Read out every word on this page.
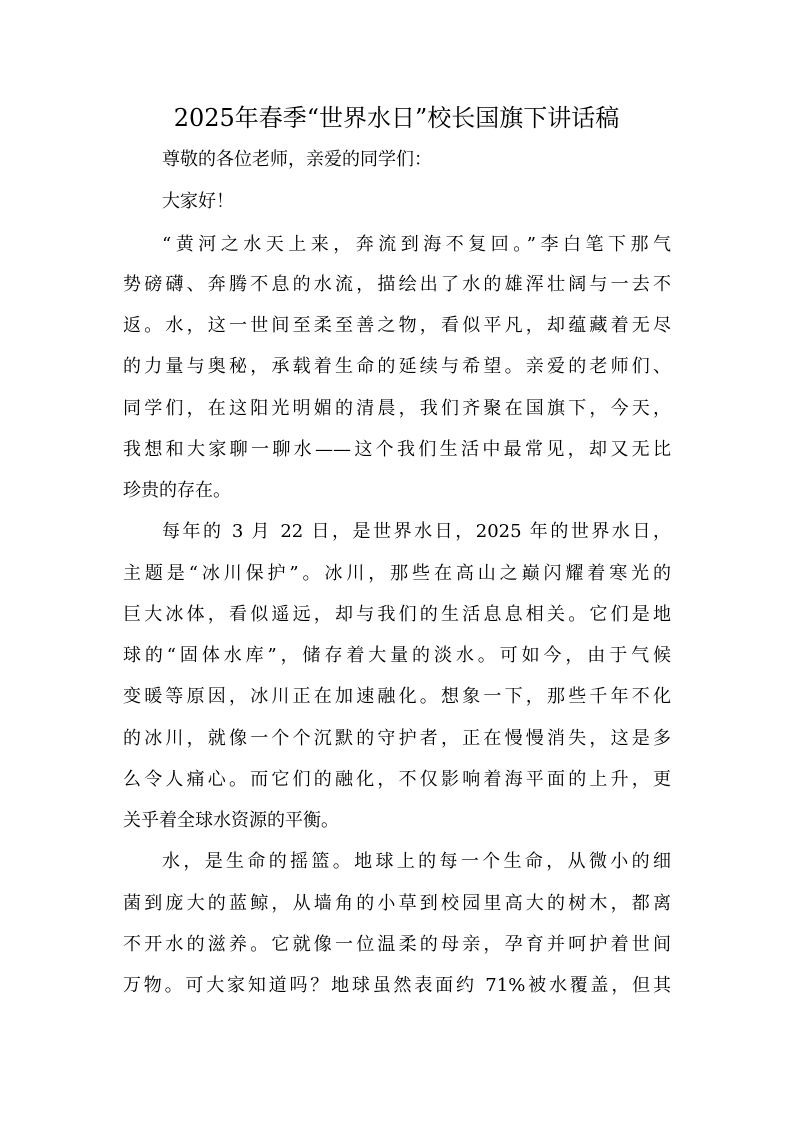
2025年春季“世界水日”校长国旗下讲话稿
尊敬的各位老师，亲爱的同学们：
大家好！
“黄河之水天上来，奔流到海不复回。”李白笔下那气
势磅礴、奔腾不息的水流，描绘出了水的雄浑壮阔与一去不
返。水，这一世间至柔至善之物，看似平凡，却蕴藏着无尽
的力量与奥秘，承载着生命的延续与希望。亲爱的老师们、
同学们，在这阳光明媚的清晨，我们齐聚在国旗下，今天，
我想和大家聊一聊水——这个我们生活中最常见，却又无比
珍贵的存在。
每年的 3 月 22 日，是世界水日，2025 年的世界水日，
主题是“冰川保护”。冰川，那些在高山之巅闪耀着寒光的
巨大冰体，看似遥远，却与我们的生活息息相关。它们是地
球的“固体水库”，储存着大量的淡水。可如今，由于气候
变暖等原因，冰川正在加速融化。想象一下，那些千年不化
的冰川，就像一个个沉默的守护者，正在慢慢消失，这是多
么令人痛心。而它们的融化，不仅影响着海平面的上升，更
关乎着全球水资源的平衡。
水，是生命的摇篮。地球上的每一个生命，从微小的细
菌到庞大的蓝鲸，从墙角的小草到校园里高大的树木，都离
不开水的滋养。它就像一位温柔的母亲，孕育并呵护着世间
万物。可大家知道吗？地球虽然表面约 71%被水覆盖，但其
